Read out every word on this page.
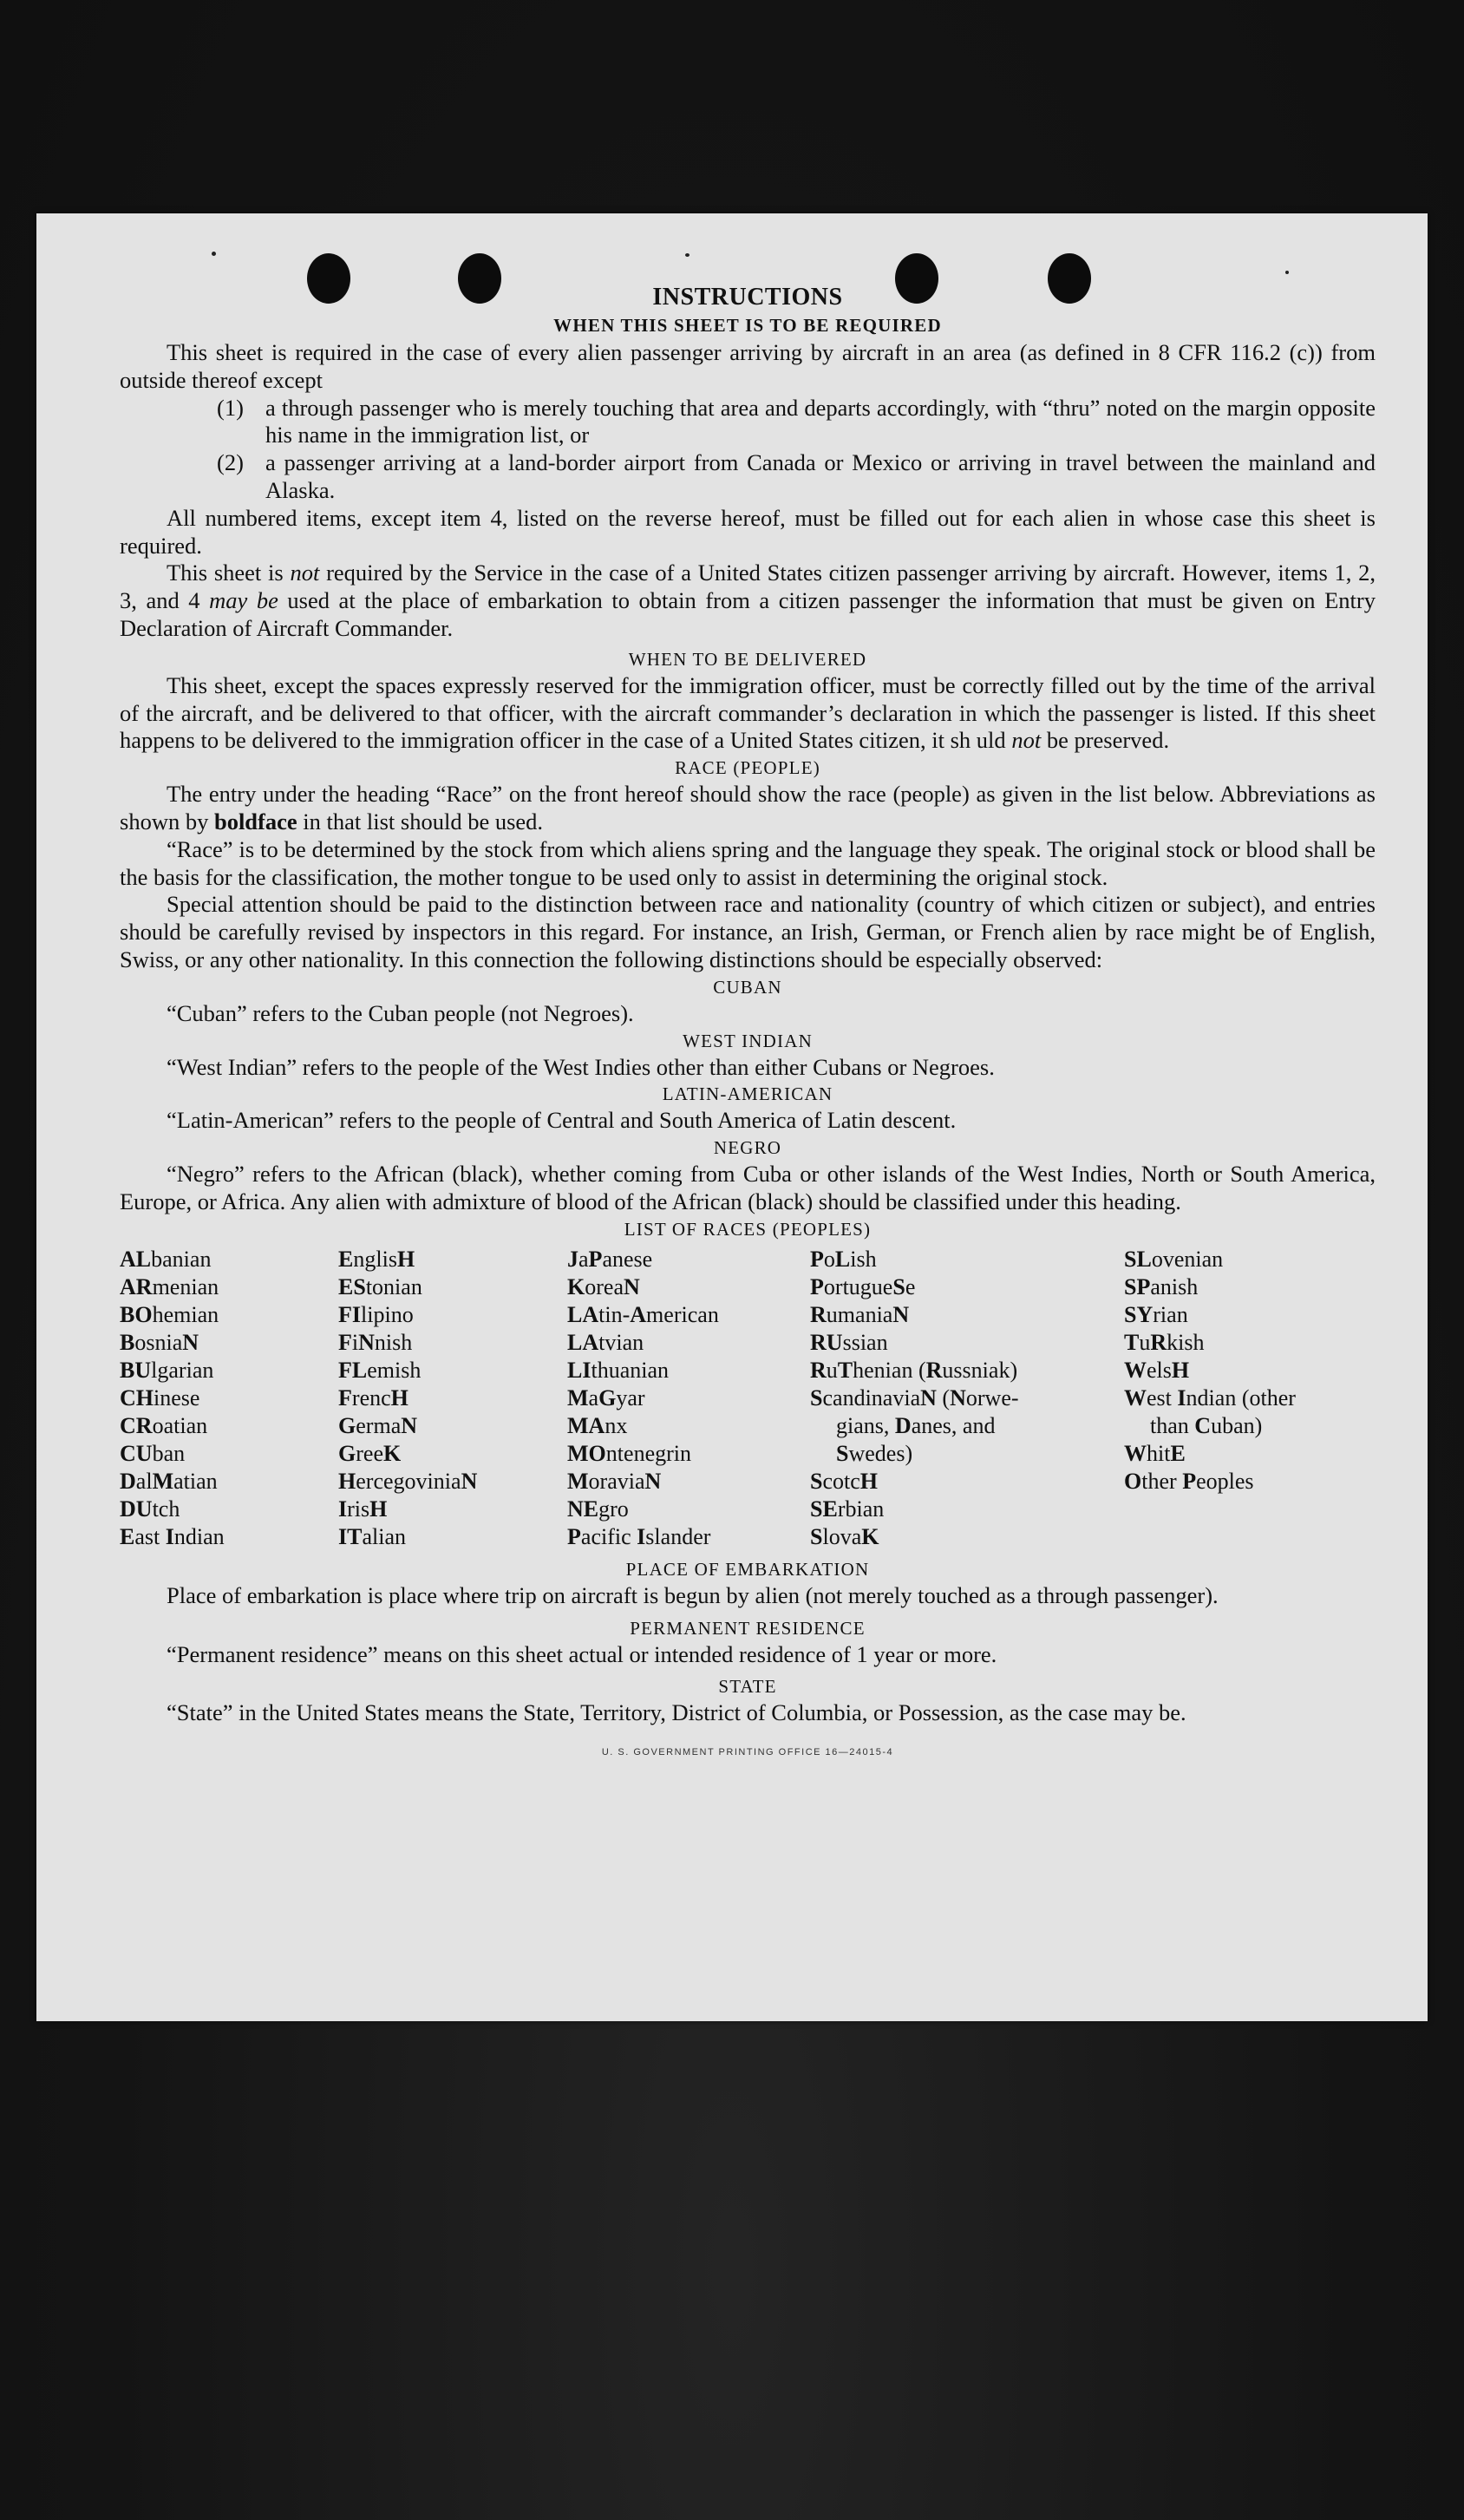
INSTRUCTIONS
WHEN THIS SHEET IS TO BE REQUIRED

This sheet is required in the case of every alien passenger arriving by aircraft in an area (as defined in 8 CFR 116.2 (c)) from outside thereof except

(1) a through passenger who is merely touching that area and departs accordingly, with “thru” noted on the margin opposite his name in the immigration list, or
(2) a passenger arriving at a land-border airport from Canada or Mexico or arriving in travel between the mainland and Alaska.

All numbered items, except item 4, listed on the reverse hereof, must be filled out for each alien in whose case this sheet is required.

This sheet is not required by the Service in the case of a United States citizen passenger arriving by aircraft. However, items 1, 2, 3, and 4 may be used at the place of embarkation to obtain from a citizen passenger the information that must be given on Entry Declaration of Aircraft Commander.

WHEN TO BE DELIVERED

This sheet, except the spaces expressly reserved for the immigration officer, must be correctly filled out by the time of the arrival of the aircraft, and be delivered to that officer, with the aircraft commander’s declaration in which the passenger is listed. If this sheet happens to be delivered to the immigration officer in the case of a United States citizen, it sh uld not be preserved.

RACE (PEOPLE)

The entry under the heading “Race” on the front hereof should show the race (people) as given in the list below. Abbreviations as shown by boldface in that list should be used.

“Race” is to be determined by the stock from which aliens spring and the language they speak. The original stock or blood shall be the basis for the classification, the mother tongue to be used only to assist in determining the original stock.

Special attention should be paid to the distinction between race and nationality (country of which citizen or subject), and entries should be carefully revised by inspectors in this regard. For instance, an Irish, German, or French alien by race might be of English, Swiss, or any other nationality. In this connection the following distinctions should be especially observed:

CUBAN

“Cuban” refers to the Cuban people (not Negroes).

WEST INDIAN

“West Indian” refers to the people of the West Indies other than either Cubans or Negroes.

LATIN-AMERICAN

“Latin-American” refers to the people of Central and South America of Latin descent.

NEGRO

“Negro” refers to the African (black), whether coming from Cuba or other islands of the West Indies, North or South America, Europe, or Africa. Any alien with admixture of blood of the African (black) should be classified under this heading.

LIST OF RACES (PEOPLES)
ALbanian
ARmenian
BOhemian
BosniaN
BUlgarian
CHinese
CRoatian
CUban
DalMatian
DUtch
East Indian
EnglisH
EStonian
FIlipino
FiNnish
FLemish
FrencH
GermaN
GreeK
HercegoviniaN
IrisH
ITalian
JaPanese
KoreaN
LAtin-American
LAtvian
LIthuanian
MaGyar
MAnx
MOntenegrin
MoraviaN
NEgro
Pacific Islander
PoLish
PortugueSe
RumaniaN
RUssian
RuThenian (Russniak)
ScandinaviaN (Norwe-
gians, Danes, and
Swedes)
ScotcH
SErbian
SlovaK
SLovenian
SPanish
SYrian
TuRkish
WelsH
West Indian (other
than Cuban)
WhitE
Other Peoples
PLACE OF EMBARKATION

Place of embarkation is place where trip on aircraft is begun by alien (not merely touched as a through passenger).

PERMANENT RESIDENCE

“Permanent residence” means on this sheet actual or intended residence of 1 year or more.

STATE

“State” in the United States means the State, Territory, District of Columbia, or Possession, as the case may be.

U. S. GOVERNMENT PRINTING OFFICE 16—24015-4
